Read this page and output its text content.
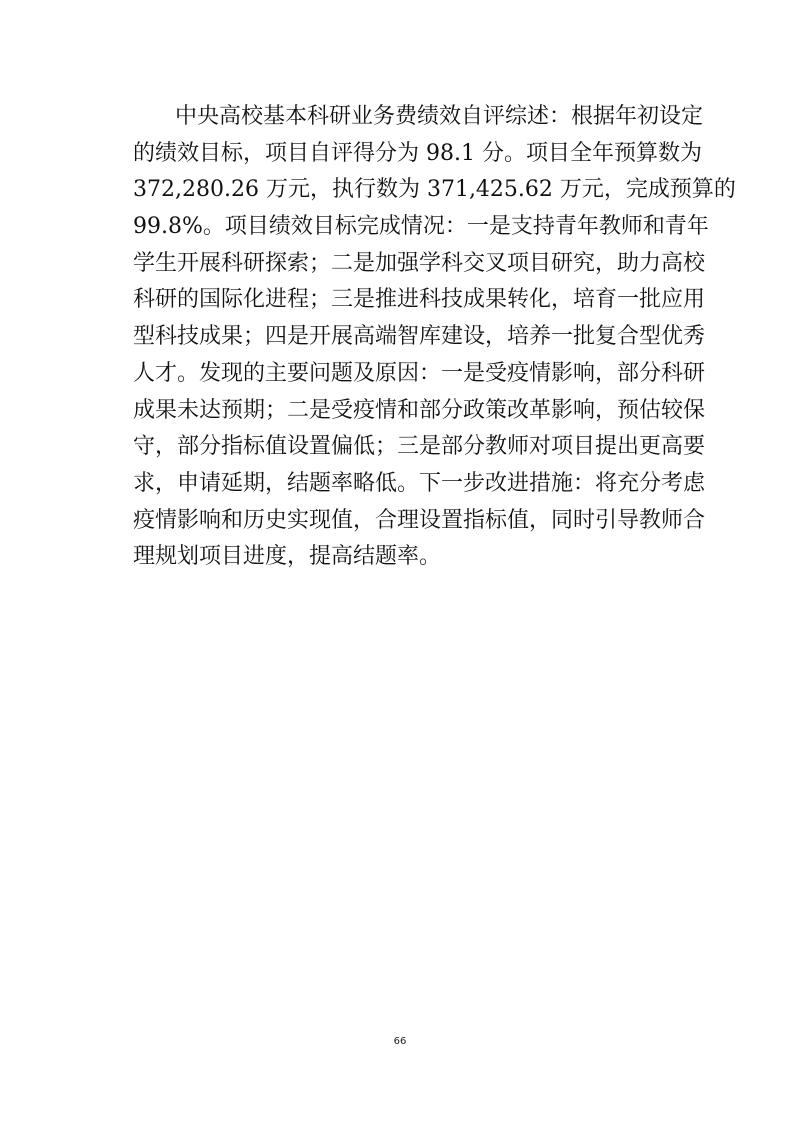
中央高校基本科研业务费绩效自评综述：根据年初设定
的绩效目标，项目自评得分为 98.1 分。项目全年预算数为
372,280.26 万元，执行数为 371,425.62 万元，完成预算的
99.8%。项目绩效目标完成情况：一是支持青年教师和青年
学生开展科研探索；二是加强学科交叉项目研究，助力高校
科研的国际化进程；三是推进科技成果转化，培育一批应用
型科技成果；四是开展高端智库建设，培养一批复合型优秀
人才。发现的主要问题及原因：一是受疫情影响，部分科研
成果未达预期；二是受疫情和部分政策改革影响，预估较保
守，部分指标值设置偏低；三是部分教师对项目提出更高要
求，申请延期，结题率略低。下一步改进措施：将充分考虑
疫情影响和历史实现值，合理设置指标值，同时引导教师合
理规划项目进度，提高结题率。
66
